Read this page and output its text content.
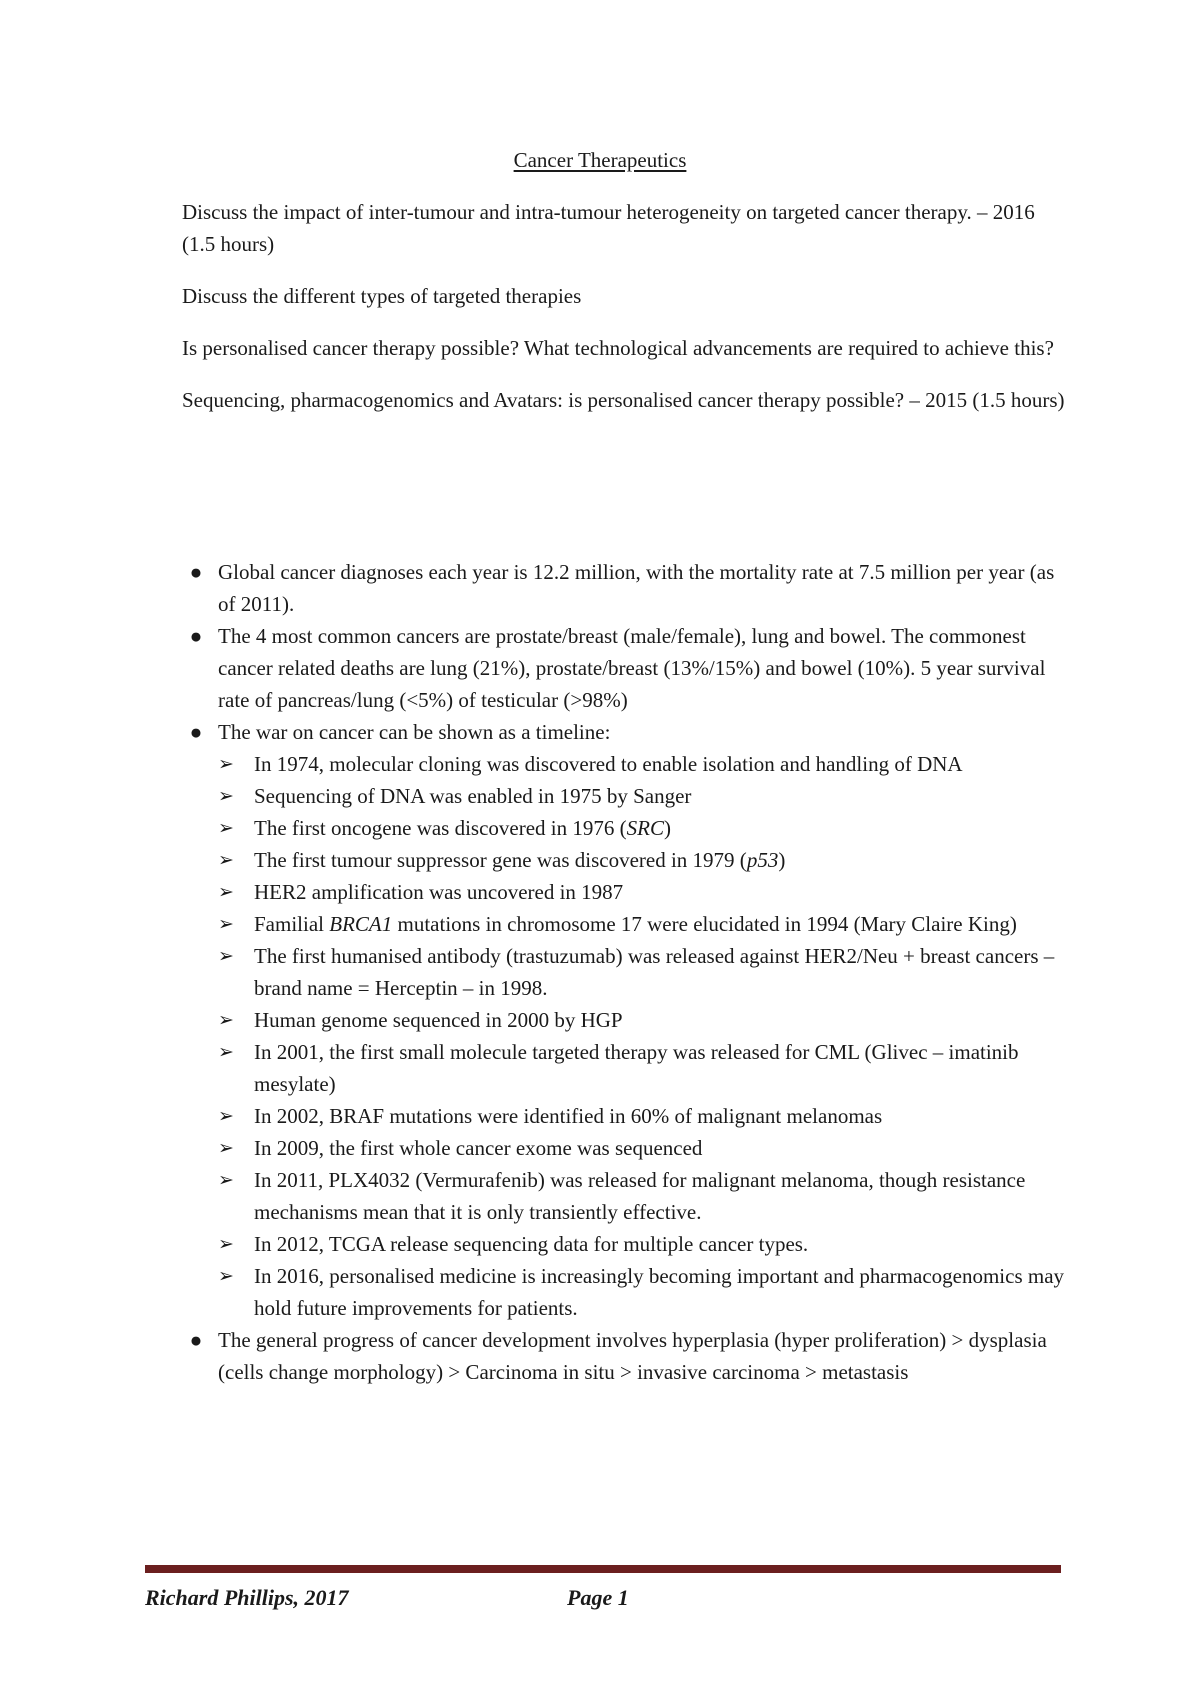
Cancer Therapeutics

Discuss the impact of inter-tumour and intra-tumour heterogeneity on targeted cancer therapy. – 2016 (1.5 hours)

Discuss the different types of targeted therapies

Is personalised cancer therapy possible? What technological advancements are required to achieve this?

Sequencing, pharmacogenomics and Avatars: is personalised cancer therapy possible? – 2015 (1.5 hours)

● Global cancer diagnoses each year is 12.2 million, with the mortality rate at 7.5 million per year (as of 2011).
● The 4 most common cancers are prostate/breast (male/female), lung and bowel. The commonest cancer related deaths are lung (21%), prostate/breast (13%/15%) and bowel (10%). 5 year survival rate of pancreas/lung (<5%) of testicular (>98%)
● The war on cancer can be shown as a timeline:
➢ In 1974, molecular cloning was discovered to enable isolation and handling of DNA
➢ Sequencing of DNA was enabled in 1975 by Sanger
➢ The first oncogene was discovered in 1976 (SRC)
➢ The first tumour suppressor gene was discovered in 1979 (p53)
➢ HER2 amplification was uncovered in 1987
➢ Familial BRCA1 mutations in chromosome 17 were elucidated in 1994 (Mary Claire King)
➢ The first humanised antibody (trastuzumab) was released against HER2/Neu + breast cancers – brand name = Herceptin – in 1998.
➢ Human genome sequenced in 2000 by HGP
➢ In 2001, the first small molecule targeted therapy was released for CML (Glivec – imatinib mesylate)
➢ In 2002, BRAF mutations were identified in 60% of malignant melanomas
➢ In 2009, the first whole cancer exome was sequenced
➢ In 2011, PLX4032 (Vermurafenib) was released for malignant melanoma, though resistance mechanisms mean that it is only transiently effective.
➢ In 2012, TCGA release sequencing data for multiple cancer types.
➢ In 2016, personalised medicine is increasingly becoming important and pharmacogenomics may hold future improvements for patients.
● The general progress of cancer development involves hyperplasia (hyper proliferation) > dysplasia (cells change morphology) > Carcinoma in situ > invasive carcinoma > metastasis
Richard Phillips, 2017	Page 1
